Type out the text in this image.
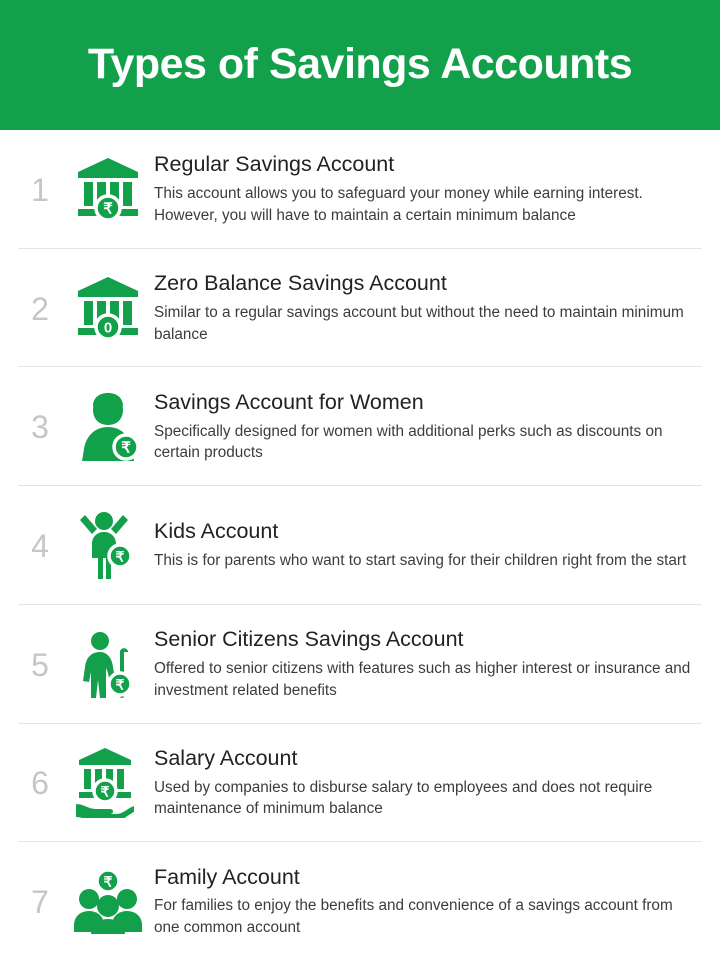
Types of Savings Accounts
1
₹
Regular Savings Account
This account allows you to safeguard your money while earning interest. However, you will have to maintain a certain minimum balance
2
0
Zero Balance Savings Account
Similar to a regular savings account but without the need to maintain minimum balance
3
₹
Savings Account for Women
Specifically designed for women with additional perks such as discounts on certain products
4	₹
Kids Account
This is for parents who want to start saving for their children right from the start
5
₹
Senior Citizens Savings Account
Offered to senior citizens with features such as higher interest or insurance and investment related benefits
6	₹
Salary Account
Used by companies to disburse salary to employees and does not require maintenance of minimum balance
7
₹ Family Account
For families to enjoy the benefits and convenience of a savings account from one common account
